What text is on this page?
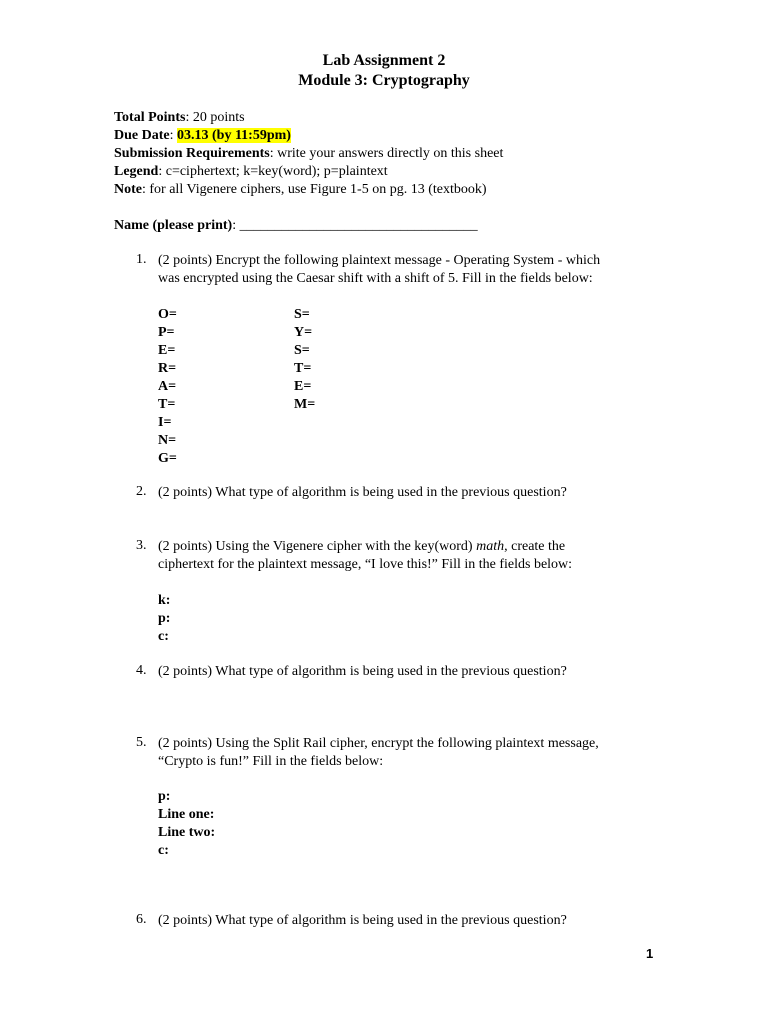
Lab Assignment 2
Module 3: Cryptography
Total Points: 20 points
Due Date: 03.13 (by 11:59pm)
Submission Requirements: write your answers directly on this sheet
Legend: c=ciphertext; k=key(word); p=plaintext
Note: for all Vigenere ciphers, use Figure 1-5 on pg. 13 (textbook)
Name (please print): __________________________________
1. (2 points) Encrypt the following plaintext message - Operating System - which
was encrypted using the Caesar shift with a shift of 5. Fill in the fields below:
O=
P=
E=
R=
A=
T=
I=
N=
G=
S=
Y=
S=
T=
E=
M=
2. (2 points) What type of algorithm is being used in the previous question?
3. (2 points) Using the Vigenere cipher with the key(word) math, create the
ciphertext for the plaintext message, “I love this!” Fill in the fields below:
k:
p:
c:
4. (2 points) What type of algorithm is being used in the previous question?
5. (2 points) Using the Split Rail cipher, encrypt the following plaintext message,
“Crypto is fun!” Fill in the fields below:
p:
Line one:
Line two:
c:
6. (2 points) What type of algorithm is being used in the previous question?
1
